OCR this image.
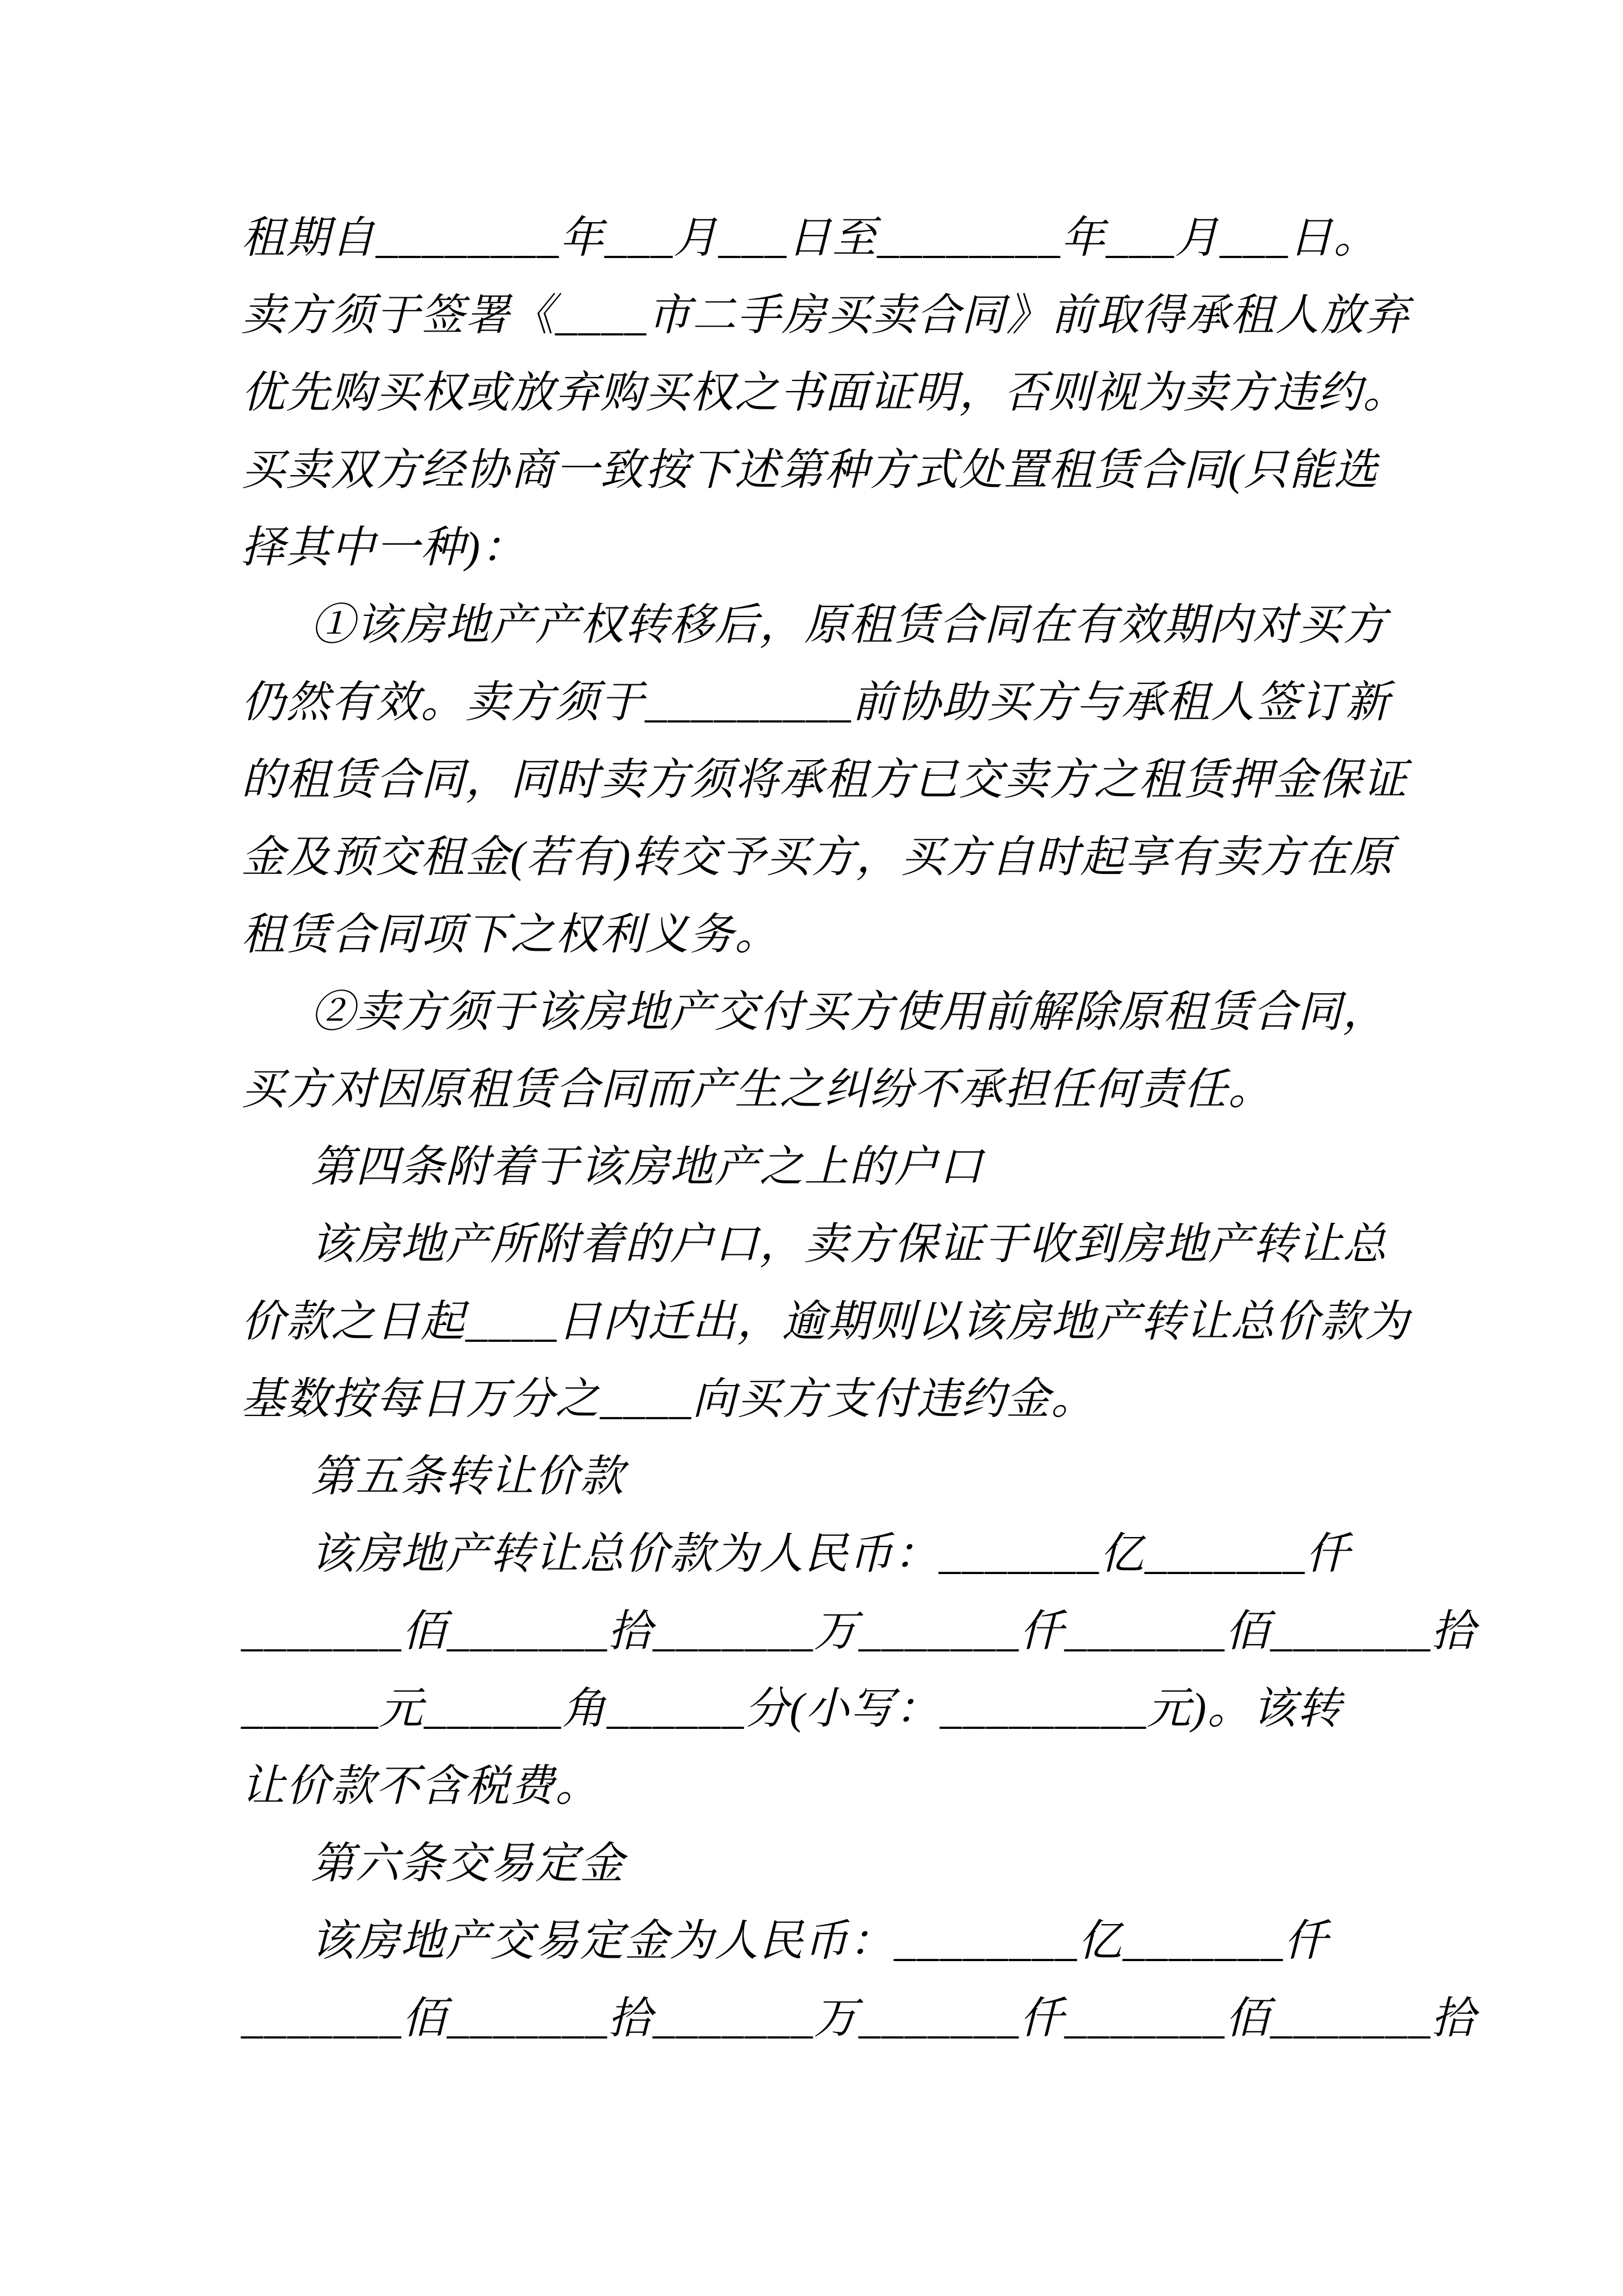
租期自________年___月___日至________年___月___日。
卖方须于签署《____市二手房买卖合同》前取得承租人放弃
优先购买权或放弃购买权之书面证明，否则视为卖方违约。
买卖双方经协商一致按下述第种方式处置租赁合同(只能选
择其中一种)：
①该房地产产权转移后，原租赁合同在有效期内对买方
仍然有效。卖方须于_________前协助买方与承租人签订新
的租赁合同，同时卖方须将承租方已交卖方之租赁押金保证
金及预交租金(若有)转交予买方，买方自时起享有卖方在原
租赁合同项下之权利义务。
②卖方须于该房地产交付买方使用前解除原租赁合同，
买方对因原租赁合同而产生之纠纷不承担任何责任。
第四条附着于该房地产之上的户口
该房地产所附着的户口，卖方保证于收到房地产转让总
价款之日起____日内迁出，逾期则以该房地产转让总价款为
基数按每日万分之____向买方支付违约金。
第五条转让价款
该房地产转让总价款为人民币：_______亿_______仟
_______佰_______拾_______万_______仟_______佰_______拾
______元______角______分(小写：_________元)。该转
让价款不含税费。
第六条交易定金
该房地产交易定金为人民币：________亿_______仟
_______佰_______拾_______万_______仟_______佰_______拾
